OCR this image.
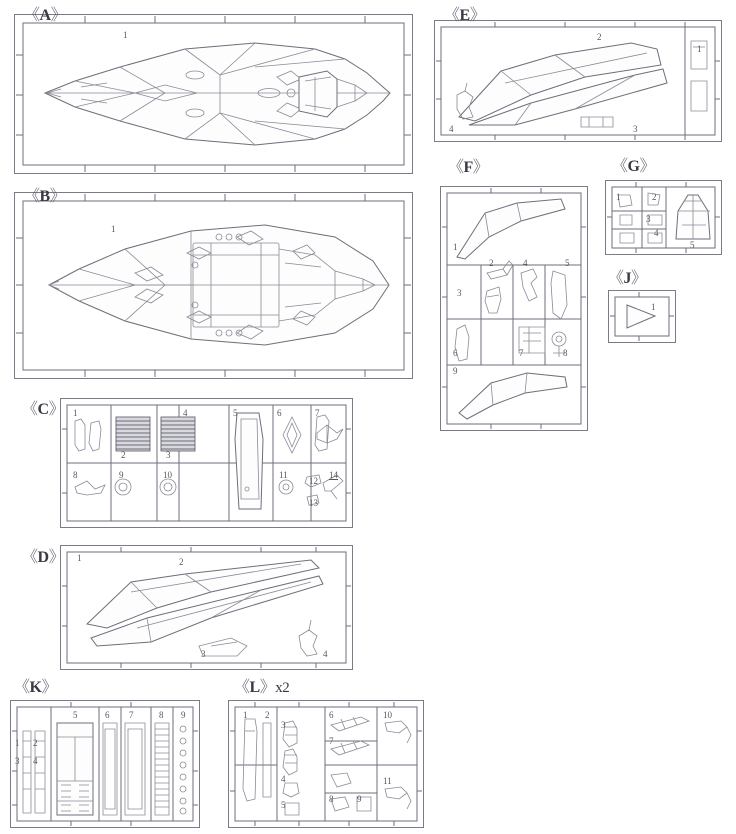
1
《A》
1
《B》
1
2	3
4	5	6	7
8	9	10	11
12
13
14
《C》
1	2
3	4
《D》
1
2
3
4
《E》
1
2
3
4	5
6	7	8
9
《F》
1	2
3
4
5
《G》
1
《J》
1 2
3 4
5	6 7	8 9
《K》
1 2
3
4
5
6
7
8	9
10
11
《L》x2
